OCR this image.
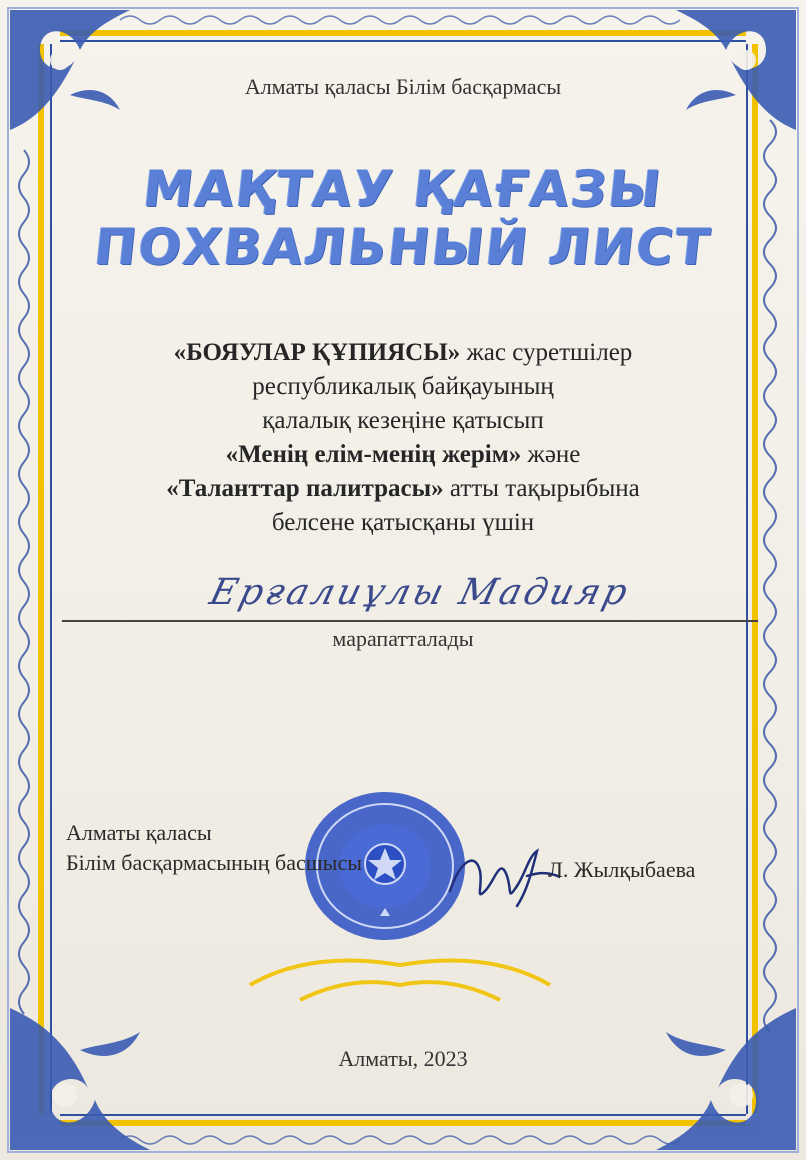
Алматы қаласы Білім басқармасы
МАҚТАУ ҚАҒАЗЫ
ПОХВАЛЬНЫЙ ЛИСТ
«БОЯУЛАР ҚҰПИЯСЫ» жас суретшілер
республикалық байқауының
қалалық кезеңіне қатысып
«Менің елім-менің жерім» және
«Таланттар палитрасы» атты тақырыбына
белсене қатысқаны үшін
Ерғалиұлы Мадияр
марапатталады
Алматы қаласы
Білім басқармасының басшысы	Л. Жылқыбаева
Алматы, 2023
